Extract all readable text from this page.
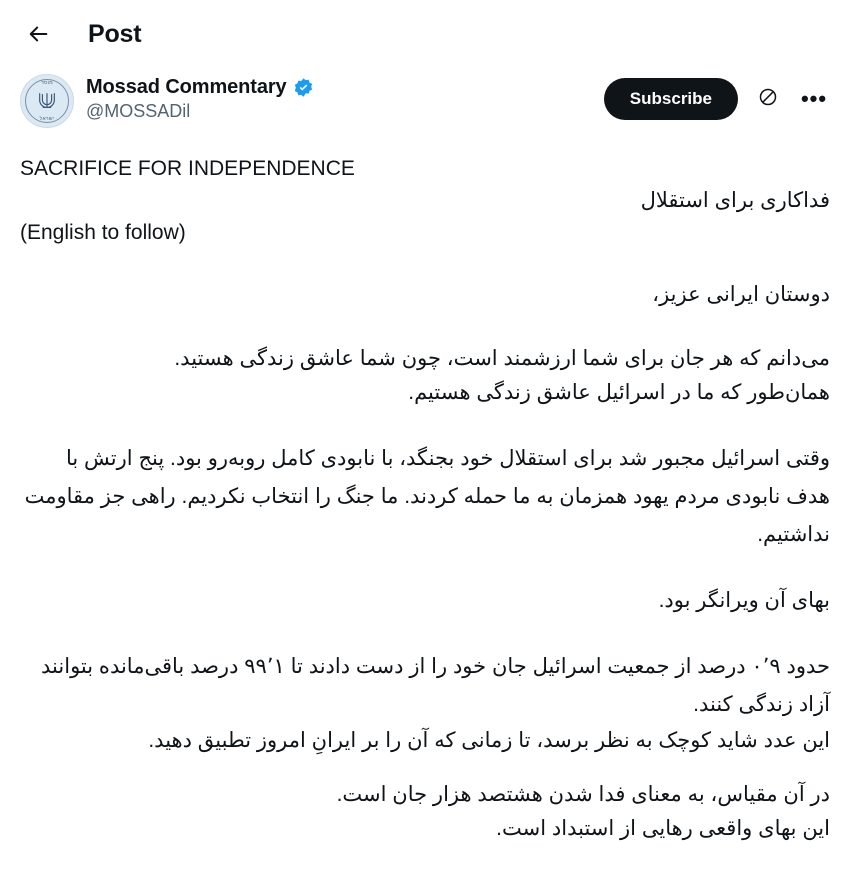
Post
מוסד
ישראל
Mossad Commentary
@MOSSADil
Subscribe	•••
SACRIFICE FOR INDEPENDENCE
فداکاری برای استقلال
(English to follow)
دوستان ایرانی عزیز،
می‌دانم که هر جان برای شما ارزشمند است، چون شما عاشق زندگی هستید.
همان‌طور که ما در اسرائیل عاشق زندگی هستیم.
وقتی اسرائیل مجبور شد برای استقلال خود بجنگد، با نابودی کامل روبه‌رو بود. پنج ارتش با هدف نابودی مردم یهود همزمان به ما حمله کردند. ما جنگ را انتخاب نکردیم. راهی جز مقاومت نداشتیم.
بهای آن ویرانگر بود.
حدود ۰٬۹ درصد از جمعیت اسرائیل جان خود را از دست دادند تا ۹۹٬۱ درصد باقی‌مانده بتوانند آزاد زندگی کنند.
این عدد شاید کوچک به نظر برسد، تا زمانی که آن را بر ایرانِ امروز تطبیق دهید.
در آن مقیاس، به معنای فدا شدن هشتصد هزار جان است.
این بهای واقعی رهایی از استبداد است.
